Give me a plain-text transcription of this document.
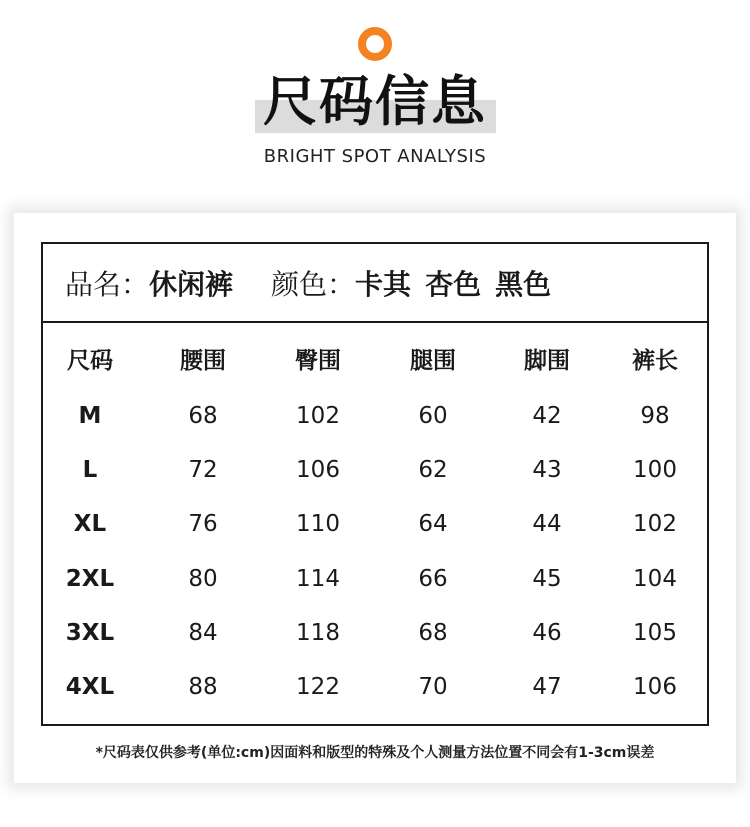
尺码信息
BRIGHT SPOT ANALYSIS
品名： 休闲裤 颜色： 卡其 杏色 黑色
尺码	腰围	臀围	腿围	脚围	裤长
M	68	102	60	42	98
L	72	106	62	43	100
XL	76	110	64	44	102
2XL	80	114	66	45	104
3XL	84	118	68	46	105
4XL	88	122	70	47	106
*尺码表仅供参考(单位:cm)因面料和版型的特殊及个人测量方法位置不同会有1-3cm误差
